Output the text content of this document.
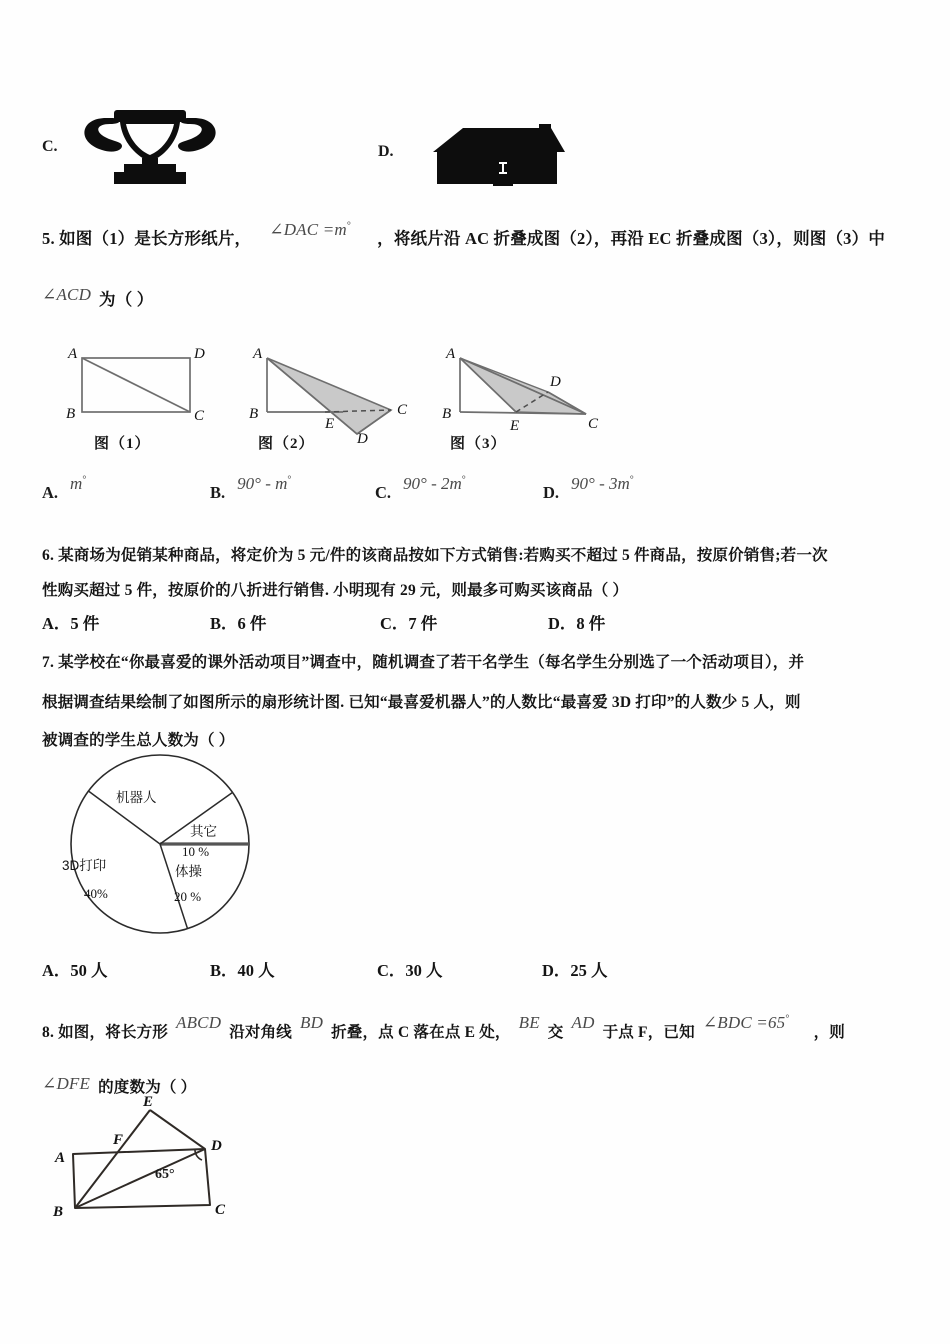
C.	D.
5. 如图（1）是长方形纸片， ∠DAC =m°，将纸片沿 AC 折叠成图（2），再沿 EC 折叠成图（3），则图（3）中
∠ACD 为（ ）
A	D
B	C
图（1）
A
B
E
C
D
图（2）
A
B
E	C
D
图（3）
A. m°
B. 90° - m°
C. 90° - 2m°
D. 90° - 3m°
6. 某商场为促销某种商品，将定价为 5 元/件的该商品按如下方式销售:若购买不超过 5 件商品，按原价销售;若一次
性购买超过 5 件，按原价的八折进行销售. 小明现有 29 元，则最多可购买该商品（ ）
A．5 件	B．6 件	C．7 件	D．8 件
7. 某学校在“你最喜爱的课外活动项目”调查中，随机调查了若干名学生（每名学生分别选了一个活动项目），并
根据调查结果绘制了如图所示的扇形统计图. 已知“最喜爱机器人”的人数比“最喜爱 3D 打印”的人数少 5 人，则
被调查的学生总人数为（ ）
机器人
其它
10 %
体操
20 %
3D打印
40%
A．50 人	B．40 人	C．30 人	D．25 人
8. 如图，将长方形ABCD沿对角线BD折叠，点 C 落在点 E 处，BE交AD于点 F，已知∠BDC =65°，则
∠DFE 的度数为（ ）
A
B	C
D
E
F
65°
